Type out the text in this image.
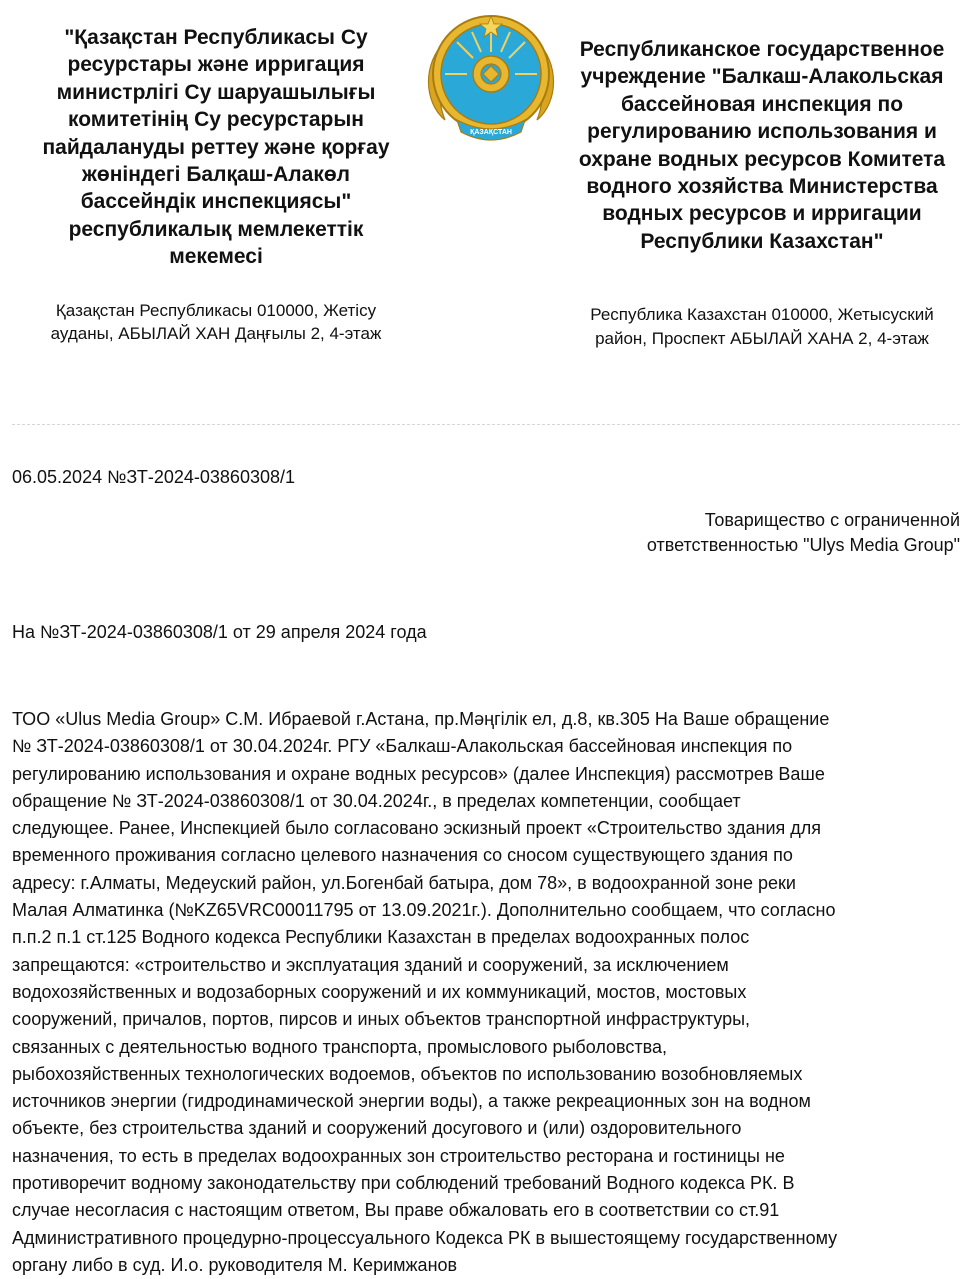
"Қазақстан Республикасы Су
ресурстары және ирригация
министрлігі Су шаруашылығы
комитетінің Су ресурстарын
пайдалануды реттеу және қорғау
жөніндегі Балқаш-Алакөл
бассейндік инспекциясы"
республикалық мемлекеттік
мекемесі
Қазақстан Республикасы 010000, Жетісу
ауданы, АБЫЛАЙ ХАН Даңғылы 2, 4-этаж
ҚАЗАҚСТАН
Республиканское государственное
учреждение "Балкаш-Алакольская
бассейновая инспекция по
регулированию использования и
охране водных ресурсов Комитета
водного хозяйства Министерства
водных ресурсов и ирригации
Республики Казахстан"
Республика Казахстан 010000, Жетысуский
район, Проспект АБЫЛАЙ ХАНА 2, 4-этаж
06.05.2024 №ЗТ-2024-03860308/1
Товарищество с ограниченной
ответственностью "Ulys Media Group"
На №ЗТ-2024-03860308/1 от 29 апреля 2024 года
ТОО «Ulus Media Group» С.М. Ибраевой г.Астана, пр.Мәңгілік ел, д.8, кв.305 На Ваше обращение
№ ЗТ-2024-03860308/1 от 30.04.2024г. РГУ «Балкаш-Алакольская бассейновая инспекция по
регулированию использования и охране водных ресурсов» (далее Инспекция) рассмотрев Ваше
обращение № ЗТ-2024-03860308/1 от 30.04.2024г., в пределах компетенции, сообщает
следующее. Ранее, Инспекцией было согласовано эскизный проект «Строительство здания для
временного проживания согласно целевого назначения со сносом существующего здания по
адресу: г.Алматы, Медеуский район, ул.Богенбай батыра, дом 78», в водоохранной зоне реки
Малая Алматинка (№KZ65VRC00011795 от 13.09.2021г.). Дополнительно сообщаем, что согласно
п.п.2 п.1 ст.125 Водного кодекса Республики Казахстан в пределах водоохранных полос
запрещаются: «строительство и эксплуатация зданий и сооружений, за исключением
водохозяйственных и водозаборных сооружений и их коммуникаций, мостов, мостовых
сооружений, причалов, портов, пирсов и иных объектов транспортной инфраструктуры,
связанных с деятельностью водного транспорта, промыслового рыболовства,
рыбохозяйственных технологических водоемов, объектов по использованию возобновляемых
источников энергии (гидродинамической энергии воды), а также рекреационных зон на водном
объекте, без строительства зданий и сооружений досугового и (или) оздоровительного
назначения, то есть в пределах водоохранных зон строительство ресторана и гостиницы не
противоречит водному законодательству при соблюдений требований Водного кодекса РК. В
случае несогласия с настоящим ответом, Вы праве обжаловать его в соответствии со ст.91
Административного процедурно-процессуального Кодекса РК в вышестоящему государственному
органу либо в суд. И.о. руководителя М. Керимжанов
